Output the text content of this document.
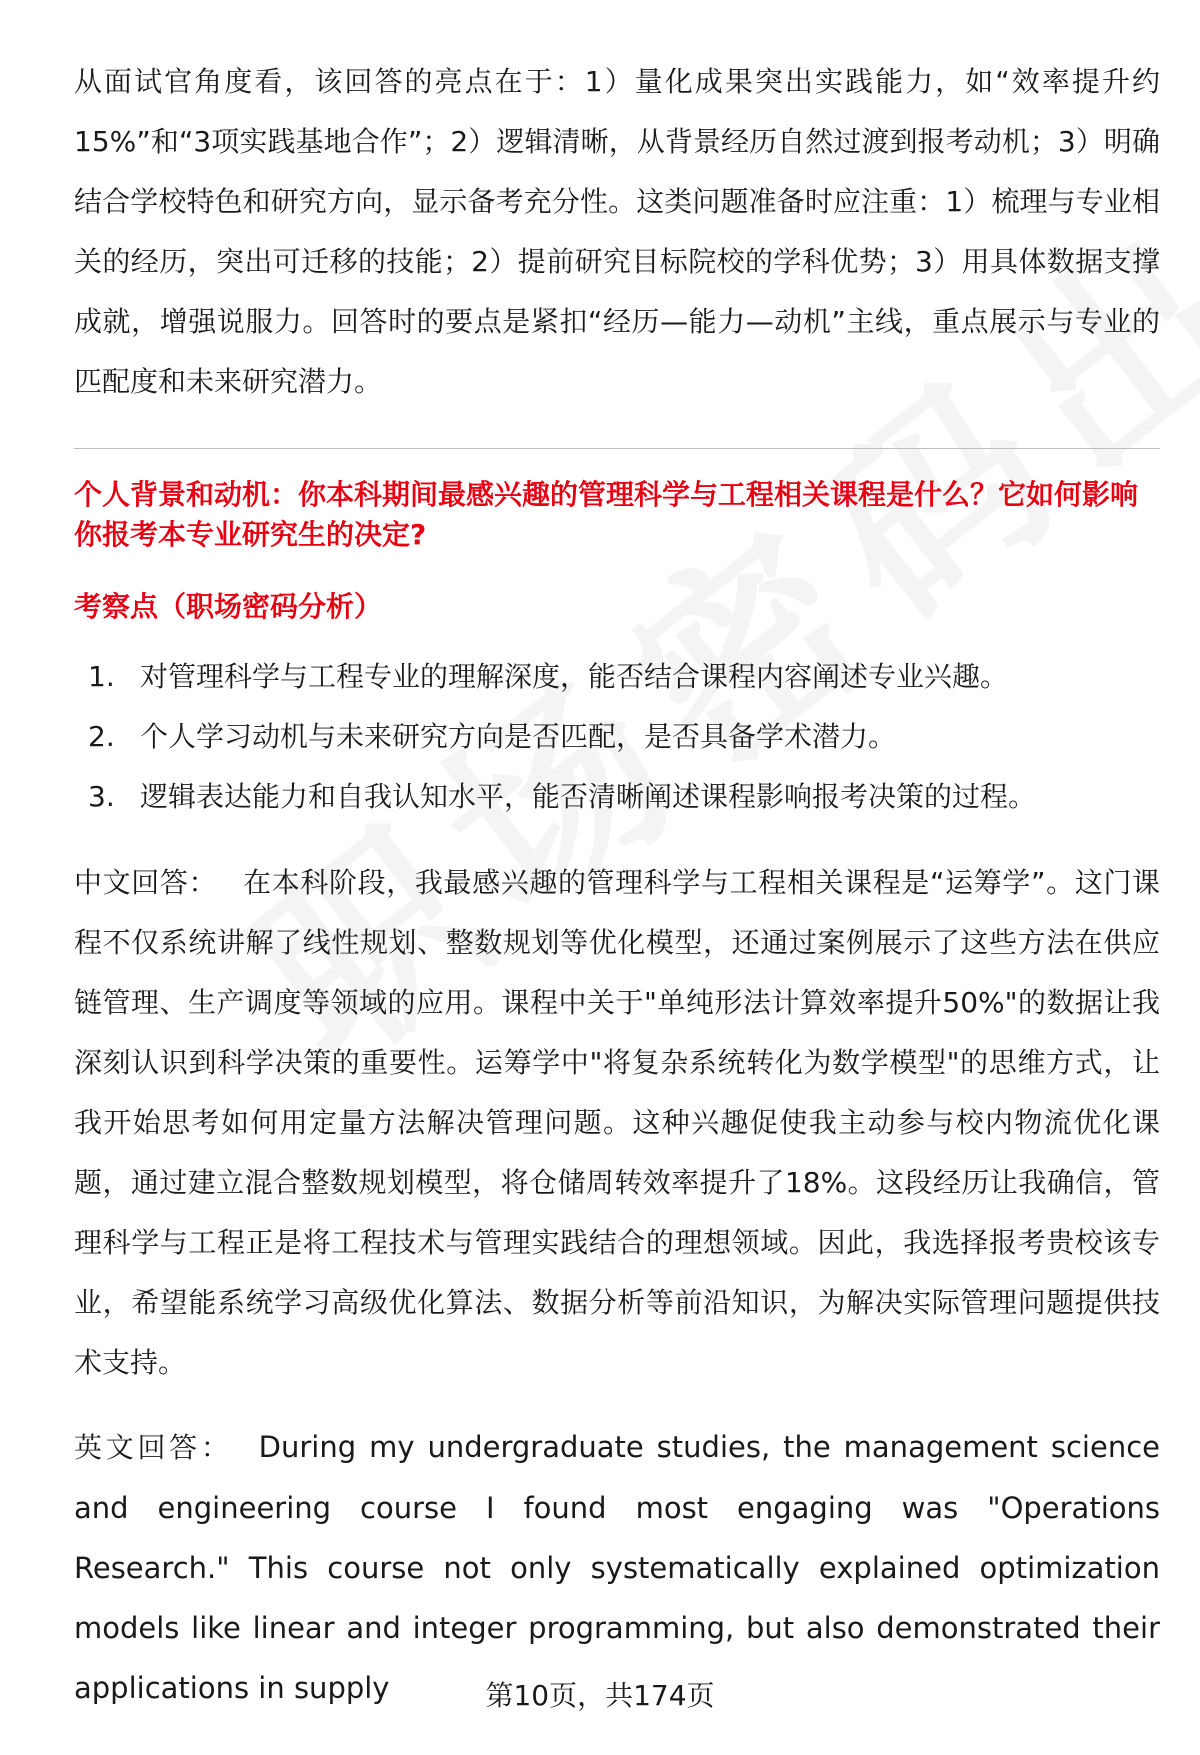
从面试官角度看，该回答的亮点在于：1）量化成果突出实践能力，如“效率提升约15%”和“3项实践基地合作”；2）逻辑清晰，从背景经历自然过渡到报考动机；3）明确结合学校特色和研究方向，显示备考充分性。这类问题准备时应注重：1）梳理与专业相关的经历，突出可迁移的技能；2）提前研究目标院校的学科优势；3）用具体数据支撑成就，增强说服力。回答时的要点是紧扣“经历—能力—动机”主线，重点展示与专业的匹配度和未来研究潜力。

个人背景和动机：你本科期间最感兴趣的管理科学与工程相关课程是什么？它如何影响你报考本专业研究生的决定?

考察点（职场密码分析）

1. 对管理科学与工程专业的理解深度，能否结合课程内容阐述专业兴趣。
2. 个人学习动机与未来研究方向是否匹配，是否具备学术潜力。
3. 逻辑表达能力和自我认知水平，能否清晰阐述课程影响报考决策的过程。

中文回答： 在本科阶段，我最感兴趣的管理科学与工程相关课程是“运筹学”。这门课程不仅系统讲解了线性规划、整数规划等优化模型，还通过案例展示了这些方法在供应链管理、生产调度等领域的应用。课程中关于"单纯形法计算效率提升50%"的数据让我深刻认识到科学决策的重要性。运筹学中"将复杂系统转化为数学模型"的思维方式，让我开始思考如何用定量方法解决管理问题。这种兴趣促使我主动参与校内物流优化课题，通过建立混合整数规划模型，将仓储周转效率提升了18%。这段经历让我确信，管理科学与工程正是将工程技术与管理实践结合的理想领域。因此，我选择报考贵校该专业，希望能系统学习高级优化算法、数据分析等前沿知识，为解决实际管理问题提供技术支持。

英文回答： During my undergraduate studies, the management science and engineering course I found most engaging was "Operations Research." This course not only systematically explained optimization models like linear and integer programming, but also demonstrated their applications in supply	第10页，共174页
